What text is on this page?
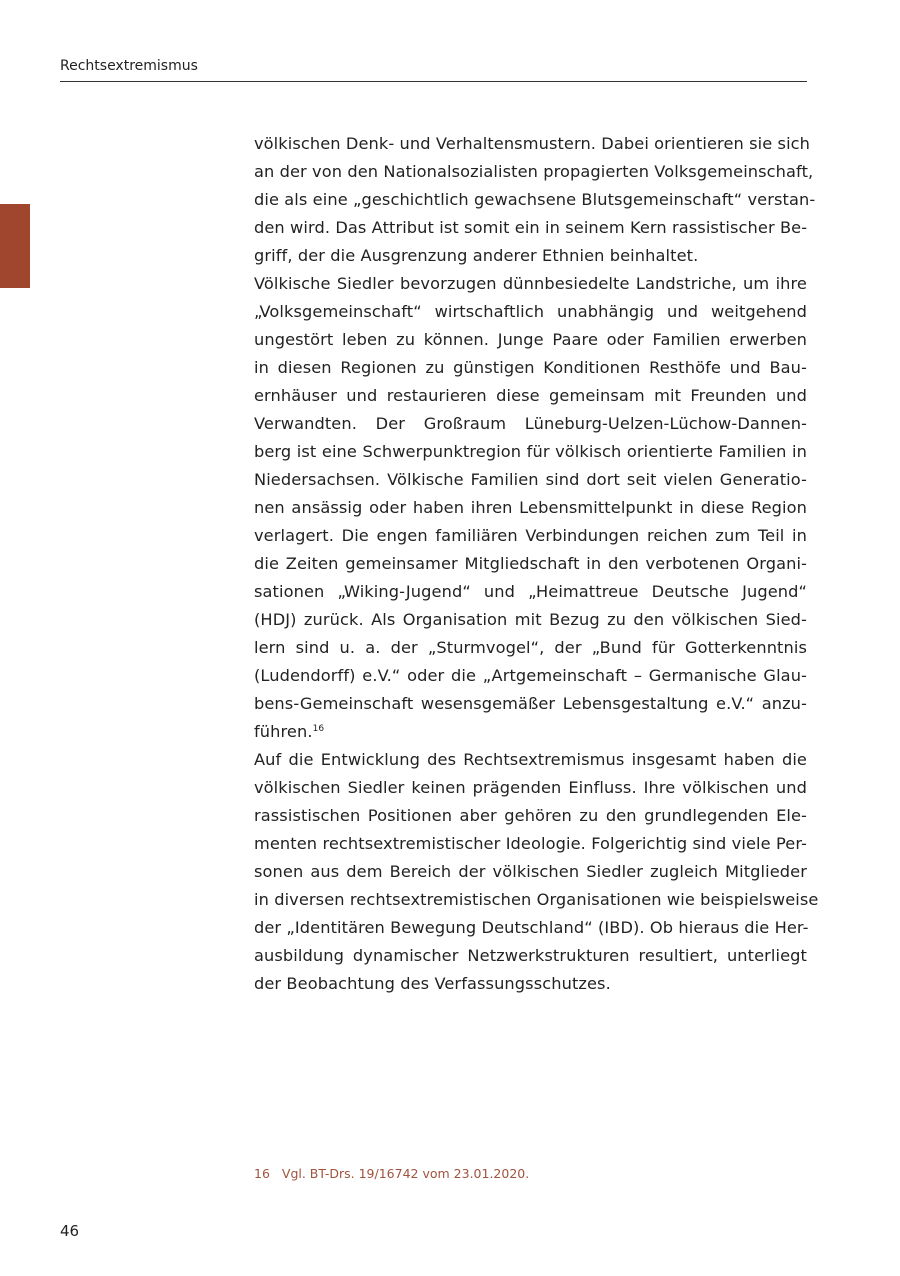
Rechtsextremismus
völkischen Denk- und Verhaltensmustern. Dabei orientieren sie sich
an der von den Nationalsozialisten propagierten Volksgemeinschaft,
die als eine „geschichtlich gewachsene Blutsgemeinschaft“ verstan-
den wird. Das Attribut ist somit ein in seinem Kern rassistischer Be-
griff, der die Ausgrenzung anderer Ethnien beinhaltet.
Völkische Siedler bevorzugen dünnbesiedelte Landstriche, um ihre
„Volksgemeinschaft“ wirtschaftlich unabhängig und weitgehend
ungestört leben zu können. Junge Paare oder Familien erwerben
in diesen Regionen zu günstigen Konditionen Resthöfe und Bau-
ernhäuser und restaurieren diese gemeinsam mit Freunden und
Verwandten. Der Großraum Lüneburg-Uelzen-Lüchow-Dannen-
berg ist eine Schwerpunktregion für völkisch orientierte Familien in
Niedersachsen. Völkische Familien sind dort seit vielen Generatio-
nen ansässig oder haben ihren Lebensmittelpunkt in diese Region
verlagert. Die engen familiären Verbindungen reichen zum Teil in
die Zeiten gemeinsamer Mitgliedschaft in den verbotenen Organi-
sationen „Wiking-Jugend“ und „Heimattreue Deutsche Jugend“
(HDJ) zurück. Als Organisation mit Bezug zu den völkischen Sied-
lern sind u. a. der „Sturmvogel“, der „Bund für Gotterkenntnis
(Ludendorff) e.V.“ oder die „Artgemeinschaft – Germanische Glau-
bens-Gemeinschaft wesensgemäßer Lebensgestaltung e.V.“ anzu-
führen.$^{16}$
Auf die Entwicklung des Rechtsextremismus insgesamt haben die
völkischen Siedler keinen prägenden Einfluss. Ihre völkischen und
rassistischen Positionen aber gehören zu den grundlegenden Ele-
menten rechtsextremistischer Ideologie. Folgerichtig sind viele Per-
sonen aus dem Bereich der völkischen Siedler zugleich Mitglieder
in diversen rechtsextremistischen Organisationen wie beispielsweise
der „Identitären Bewegung Deutschland“ (IBD). Ob hieraus die Her-
ausbildung dynamischer Netzwerkstrukturen resultiert, unterliegt
der Beobachtung des Verfassungsschutzes.
16 Vgl. BT-Drs. 19/16742 vom 23.01.2020.
46
